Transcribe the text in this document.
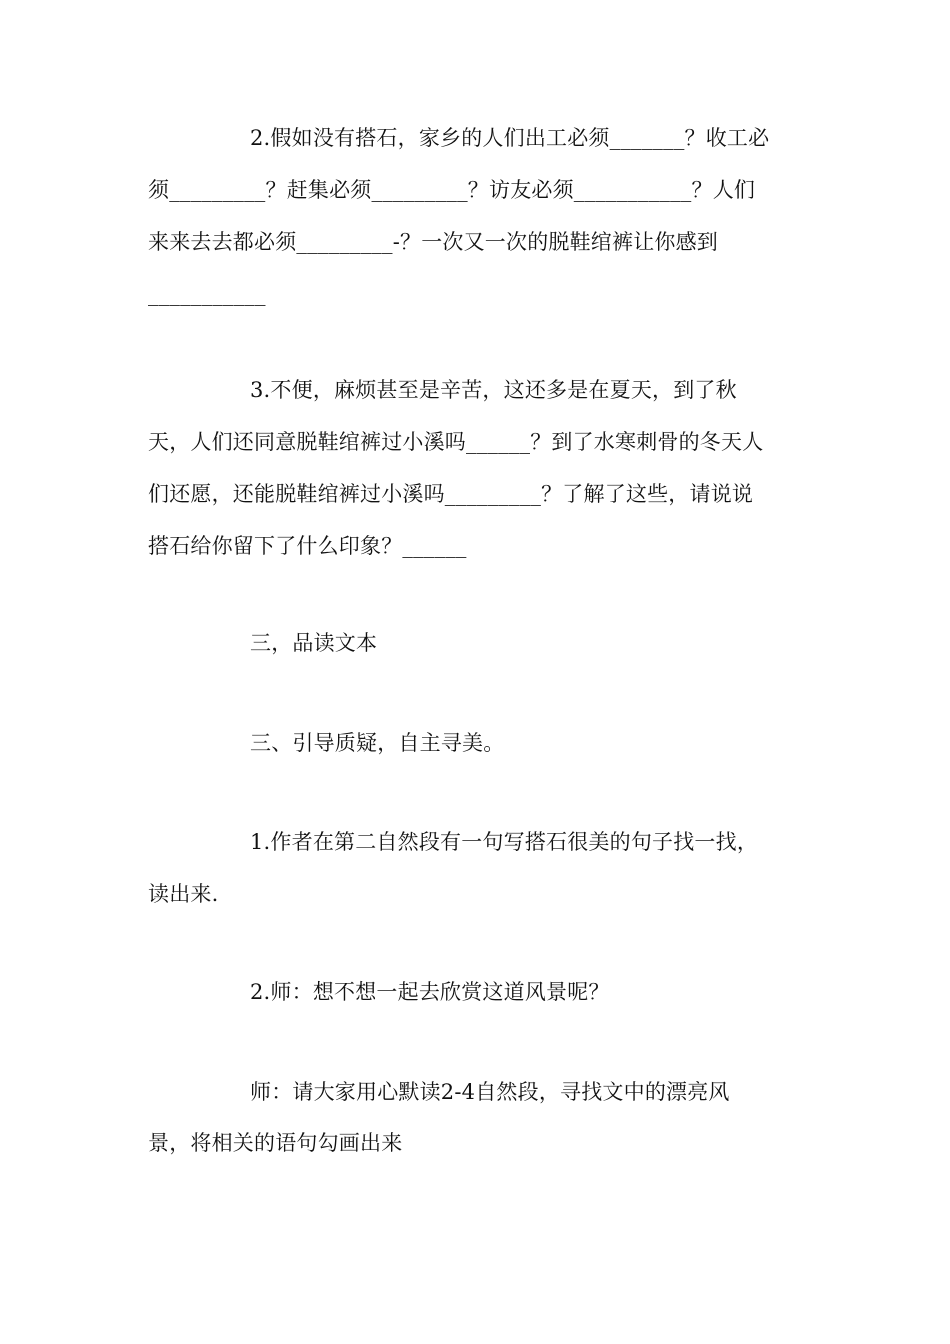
2.假如没有搭石，家乡的人们出工必须_______？收工必
须_________？赶集必须_________？访友必须___________？人们
来来去去都必须_________-？一次又一次的脱鞋绾裤让你感到
___________
3.不便，麻烦甚至是辛苦，这还多是在夏天，到了秋
天，人们还同意脱鞋绾裤过小溪吗______？到了水寒刺骨的冬天人
们还愿，还能脱鞋绾裤过小溪吗_________？了解了这些，请说说
搭石给你留下了什么印象？______
三，品读文本
三、引导质疑，自主寻美。
1.作者在第二自然段有一句写搭石很美的句子找一找，
读出来.
2.师：想不想一起去欣赏这道风景呢？
师：请大家用心默读2-4自然段，寻找文中的漂亮风
景，将相关的语句勾画出来
